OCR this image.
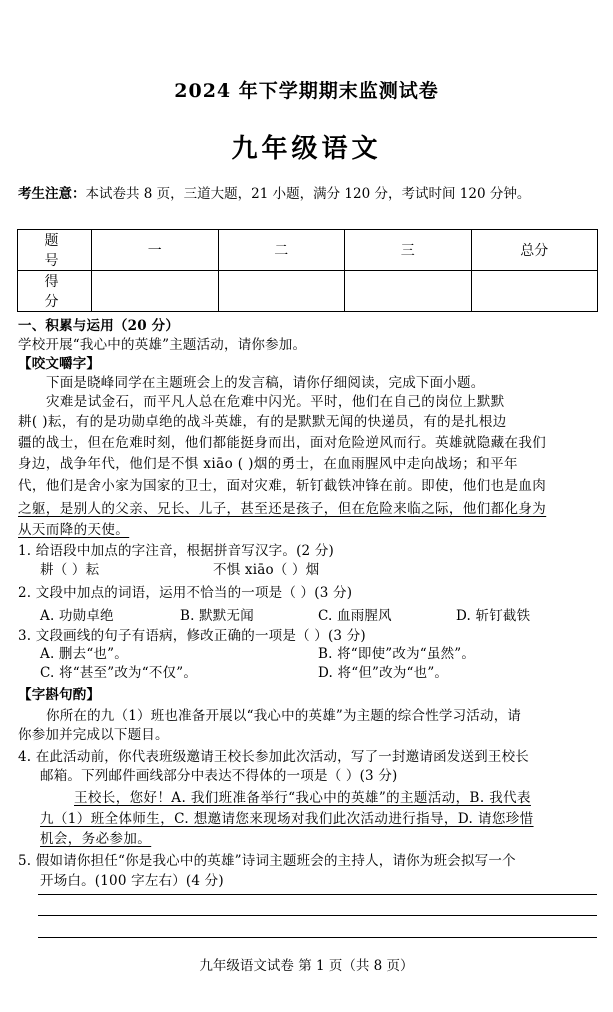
2024 年下学期期末监测试卷
九年级语文
考生注意：本试卷共 8 页，三道大题，21 小题，满分 120 分，考试时间 120 分钟。
题 号	一	二	三	总分
得 分				
一、积累与运用（20 分）
学校开展“我心中的英雄”主题活动，请你参加。
【咬文嚼字】
下面是晓峰同学在主题班会上的发言稿，请你仔细阅读，完成下面小题。
灾难是试金石，而平凡人总在危难中闪光。平时，他们在自己的岗位上默默
耕( )耘，有的是功勋卓绝的战斗英雄，有的是默默无闻的快递员，有的是扎根边
疆的战士，但在危难时刻，他们都能挺身而出，面对危险逆风而行。英雄就隐藏在我们
身边，战争年代，他们是不惧 xiāo ( )烟的勇士，在血雨腥风中走向战场；和平年
代，他们是舍小家为国家的卫士，面对灾难，斩钉截铁冲锋在前。即使，他们也是血肉
之躯，是别人的父亲、兄长、儿子，甚至还是孩子，但在危险来临之际，他们都化身为
从天而降的天使。
1. 给语段中加点的字注音，根据拼音写汉字。(2 分)
耕（ ）耘	不惧 xiāo（ ）烟
2. 文段中加点的词语，运用不恰当的一项是（ ）(3 分)
A. 功勋卓绝	B. 默默无闻	C. 血雨腥风	D. 斩钉截铁
3. 文段画线的句子有语病，修改正确的一项是（ ）(3 分)
A. 删去“也”。	B. 将“即使”改为“虽然”。
C. 将“甚至”改为“不仅”。	D. 将“但”改为“也”。
【字斟句酌】
你所在的九（1）班也准备开展以“我心中的英雄”为主题的综合性学习活动，请
你参加并完成以下题目。
4. 在此活动前，你代表班级邀请王校长参加此次活动，写了一封邀请函发送到王校长
邮箱。下列邮件画线部分中表达不得体的一项是（ ）(3 分)
王校长，您好！A. 我们班准备举行“我心中的英雄”的主题活动，B. 我代表
九（1）班全体师生，C. 想邀请您来现场对我们此次活动进行指导，D. 请您珍惜
机会，务必参加。
5. 假如请你担任“你是我心中的英雄”诗词主题班会的主持人，请你为班会拟写一个
开场白。(100 字左右）(4 分)
九年级语文试卷 第 1 页（共 8 页）
